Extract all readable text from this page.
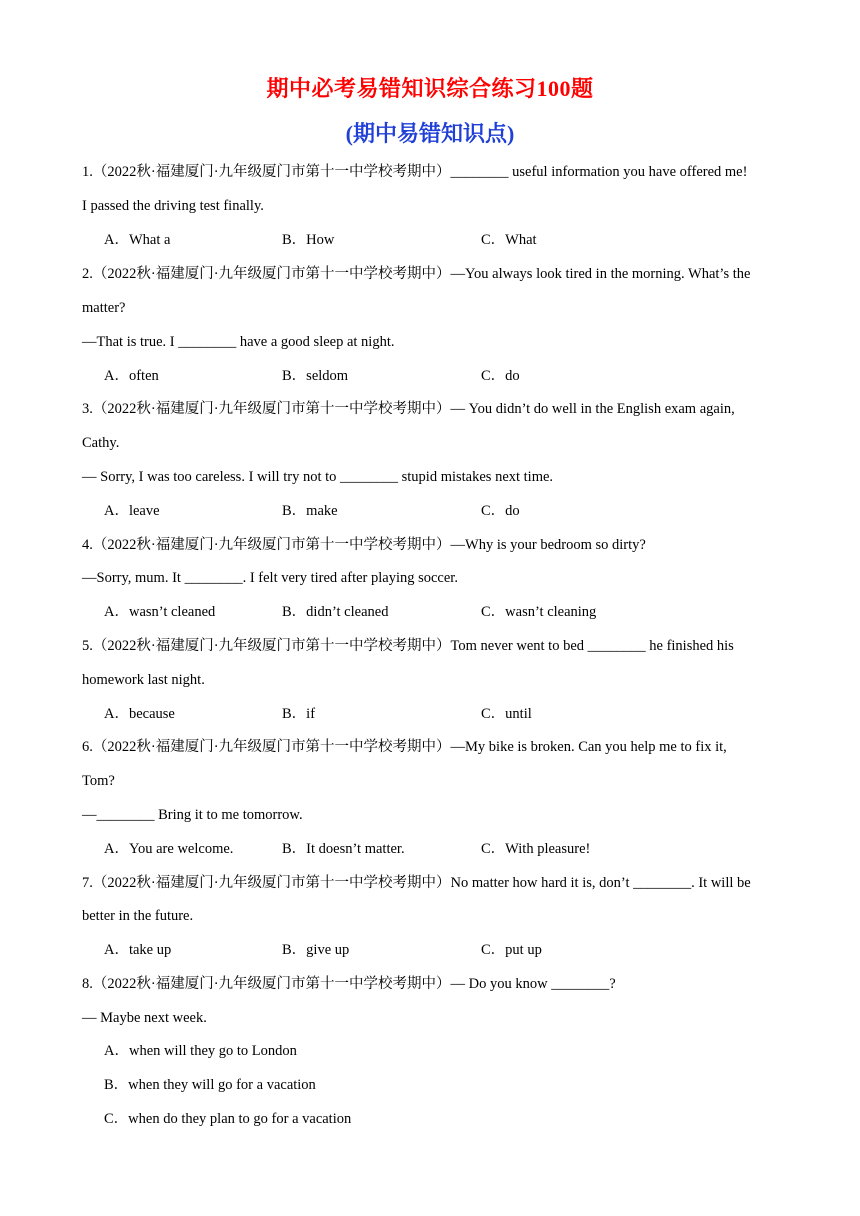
期中必考易错知识综合练习100题
(期中易错知识点)
1.（2022秋·福建厦门·九年级厦门市第十一中学校考期中）________ useful information you have offered me!
I passed the driving test finally.
A．What a	B．How	C．What
2.（2022秋·福建厦门·九年级厦门市第十一中学校考期中）—You always look tired in the morning. What’s the
matter?
—That is true. I ________ have a good sleep at night.
A．often	B．seldom	C．do
3.（2022秋·福建厦门·九年级厦门市第十一中学校考期中）— You didn’t do well in the English exam again,
Cathy.
— Sorry, I was too careless. I will try not to ________ stupid mistakes next time.
A．leave	B．make	C．do
4.（2022秋·福建厦门·九年级厦门市第十一中学校考期中）—Why is your bedroom so dirty?
—Sorry, mum. It ________. I felt very tired after playing soccer.
A．wasn’t cleaned	B．didn’t cleaned	C．wasn’t cleaning
5.（2022秋·福建厦门·九年级厦门市第十一中学校考期中）Tom never went to bed ________ he finished his
homework last night.
A．because	B．if	C．until
6.（2022秋·福建厦门·九年级厦门市第十一中学校考期中）—My bike is broken. Can you help me to fix it,
Tom?
—________ Bring it to me tomorrow.
A．You are welcome.	B．It doesn’t matter.	C．With pleasure!
7.（2022秋·福建厦门·九年级厦门市第十一中学校考期中）No matter how hard it is, don’t ________. It will be
better in the future.
A．take up	B．give up	C．put up
8.（2022秋·福建厦门·九年级厦门市第十一中学校考期中）— Do you know ________?
— Maybe next week.
A．when will they go to London
B．when they will go for a vacation
C．when do they plan to go for a vacation
